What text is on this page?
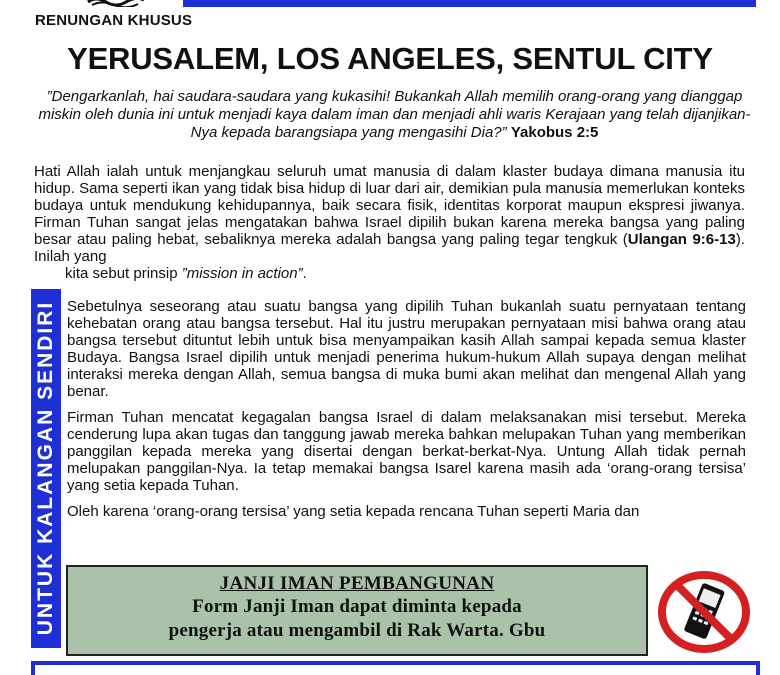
RENUNGAN KHUSUS
YERUSALEM, LOS ANGELES, SENTUL CITY
”Dengarkanlah, hai saudara-saudara yang kukasihi! Bukankah Allah memilih orang-orang yang dianggap miskin oleh dunia ini untuk menjadi kaya dalam iman dan menjadi ahli waris Kerajaan yang telah dijanjikan-Nya kepada barangsiapa yang mengasihi Dia?” Yakobus 2:5

Hati Allah ialah untuk menjangkau seluruh umat manusia di dalam klaster budaya dimana manusia itu hidup. Sama seperti ikan yang tidak bisa hidup di luar dari air, demikian pula manusia memerlukan konteks budaya untuk mendukung kehidupannya, baik secara fisik, identitas korporat maupun ekspresi jiwanya. Firman Tuhan sangat jelas mengatakan bahwa Israel dipilih bukan karena mereka bangsa yang paling besar atau paling hebat, sebaliknya mereka adalah bangsa yang paling tegar tengkuk (Ulangan 9:6-13). Inilah yang
kita sebut prinsip ”mission in action”.

UNTUK KALANGAN SENDIRI Sebetulnya seseorang atau suatu bangsa yang dipilih Tuhan bukanlah suatu pernyataan tentang kehebatan orang atau bangsa tersebut. Hal itu justru merupakan pernyataan misi bahwa orang atau bangsa tersebut dituntut lebih untuk bisa menyampaikan kasih Allah sampai kepada semua klaster Budaya. Bangsa Israel dipilih untuk menjadi penerima hukum-hukum Allah supaya dengan melihat interaksi mereka dengan Allah, semua bangsa di muka bumi akan melihat dan mengenal Allah yang benar.

Firman Tuhan mencatat kegagalan bangsa Israel di dalam melaksanakan misi tersebut. Mereka cenderung lupa akan tugas dan tanggung jawab mereka bahkan melupakan Tuhan yang memberikan panggilan kepada mereka yang disertai dengan berkat-berkat-Nya. Untung Allah tidak pernah melupakan panggilan-Nya. Ia tetap memakai bangsa Isarel karena masih ada ‘orang-orang tersisa’ yang setia kepada Tuhan.

Oleh karena ‘orang-orang tersisa’ yang setia kepada rencana Tuhan seperti Maria dan

JANJI IMAN PEMBANGUNAN
Form Janji Iman dapat diminta kepada
pengerja atau mengambil di Rak Warta. Gbu
